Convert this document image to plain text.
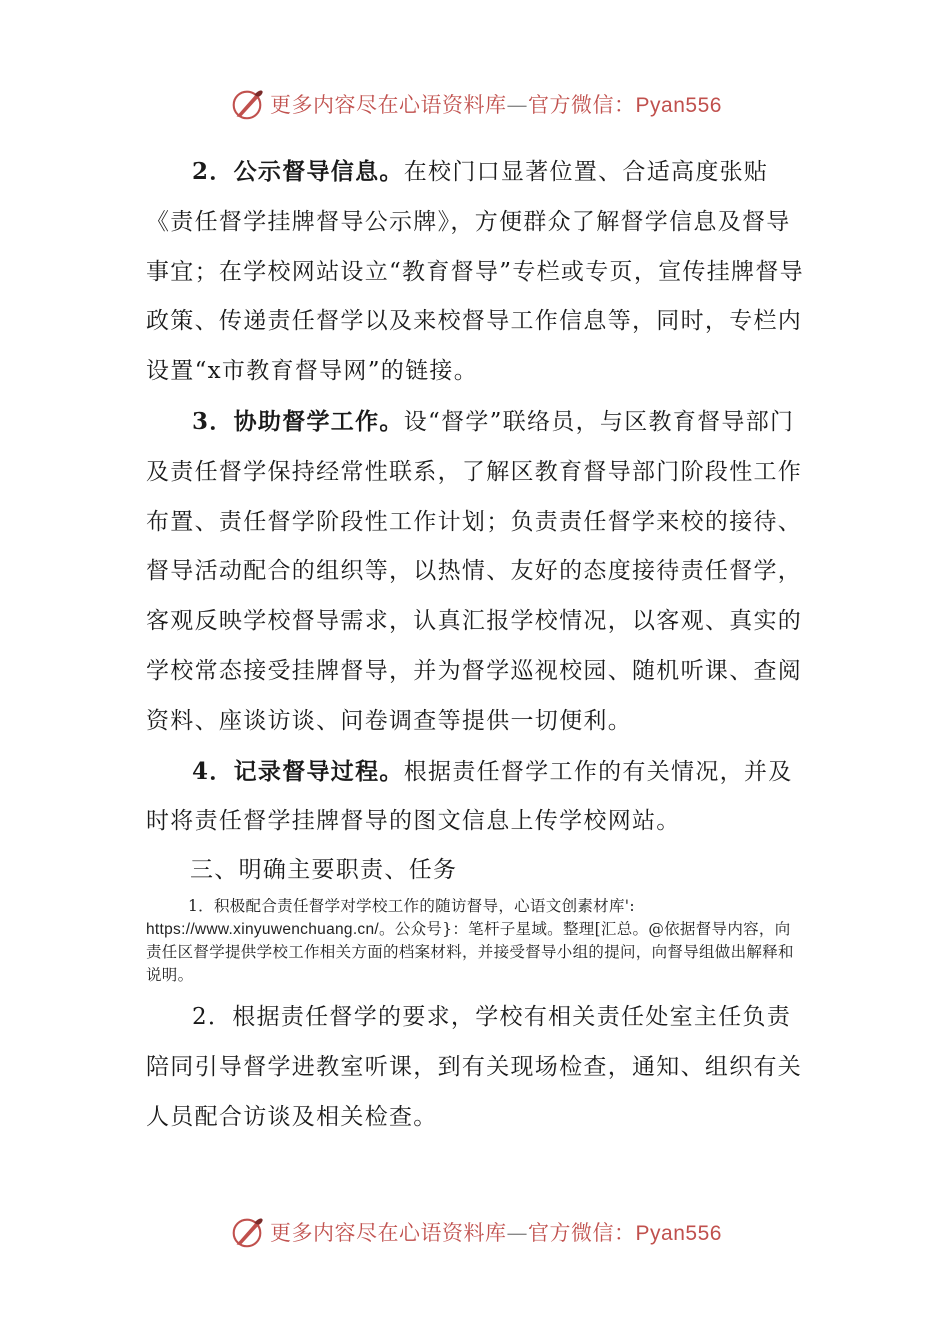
更多内容尽在心语资料库—官方微信：Pyan556

2．公示督导信息。在校门口显著位置、合适高度张贴《责任督学挂牌督导公示牌》，方便群众了解督学信息及督导事宜；在学校网站设立“教育督导”专栏或专页，宣传挂牌督导政策、传递责任督学以及来校督导工作信息等，同时，专栏内设置“x市教育督导网”的链接。

3．协助督学工作。设“督学”联络员，与区教育督导部门及责任督学保持经常性联系，了解区教育督导部门阶段性工作布置、责任督学阶段性工作计划；负责责任督学来校的接待、督导活动配合的组织等，以热情、友好的态度接待责任督学，客观反映学校督导需求，认真汇报学校情况，以客观、真实的学校常态接受挂牌督导，并为督学巡视校园、随机听课、查阅资料、座谈访谈、问卷调查等提供一切便利。

4．记录督导过程。根据责任督学工作的有关情况，并及时将责任督学挂牌督导的图文信息上传学校网站。

三、明确主要职责、任务

1．积极配合责任督学对学校工作的随访督导，心语文创素材库':
https://www.xinyuwenchuang.cn/。公众号}：笔杆子星域。整理[汇总。@依据督导内容，向责任区督学提供学校工作相关方面的档案材料，并接受督导小组的提问，向督导组做出解释和说明。

2．根据责任督学的要求，学校有相关责任处室主任负责陪同引导督学进教室听课，到有关现场检查，通知、组织有关人员配合访谈及相关检查。

更多内容尽在心语资料库—官方微信：Pyan556
